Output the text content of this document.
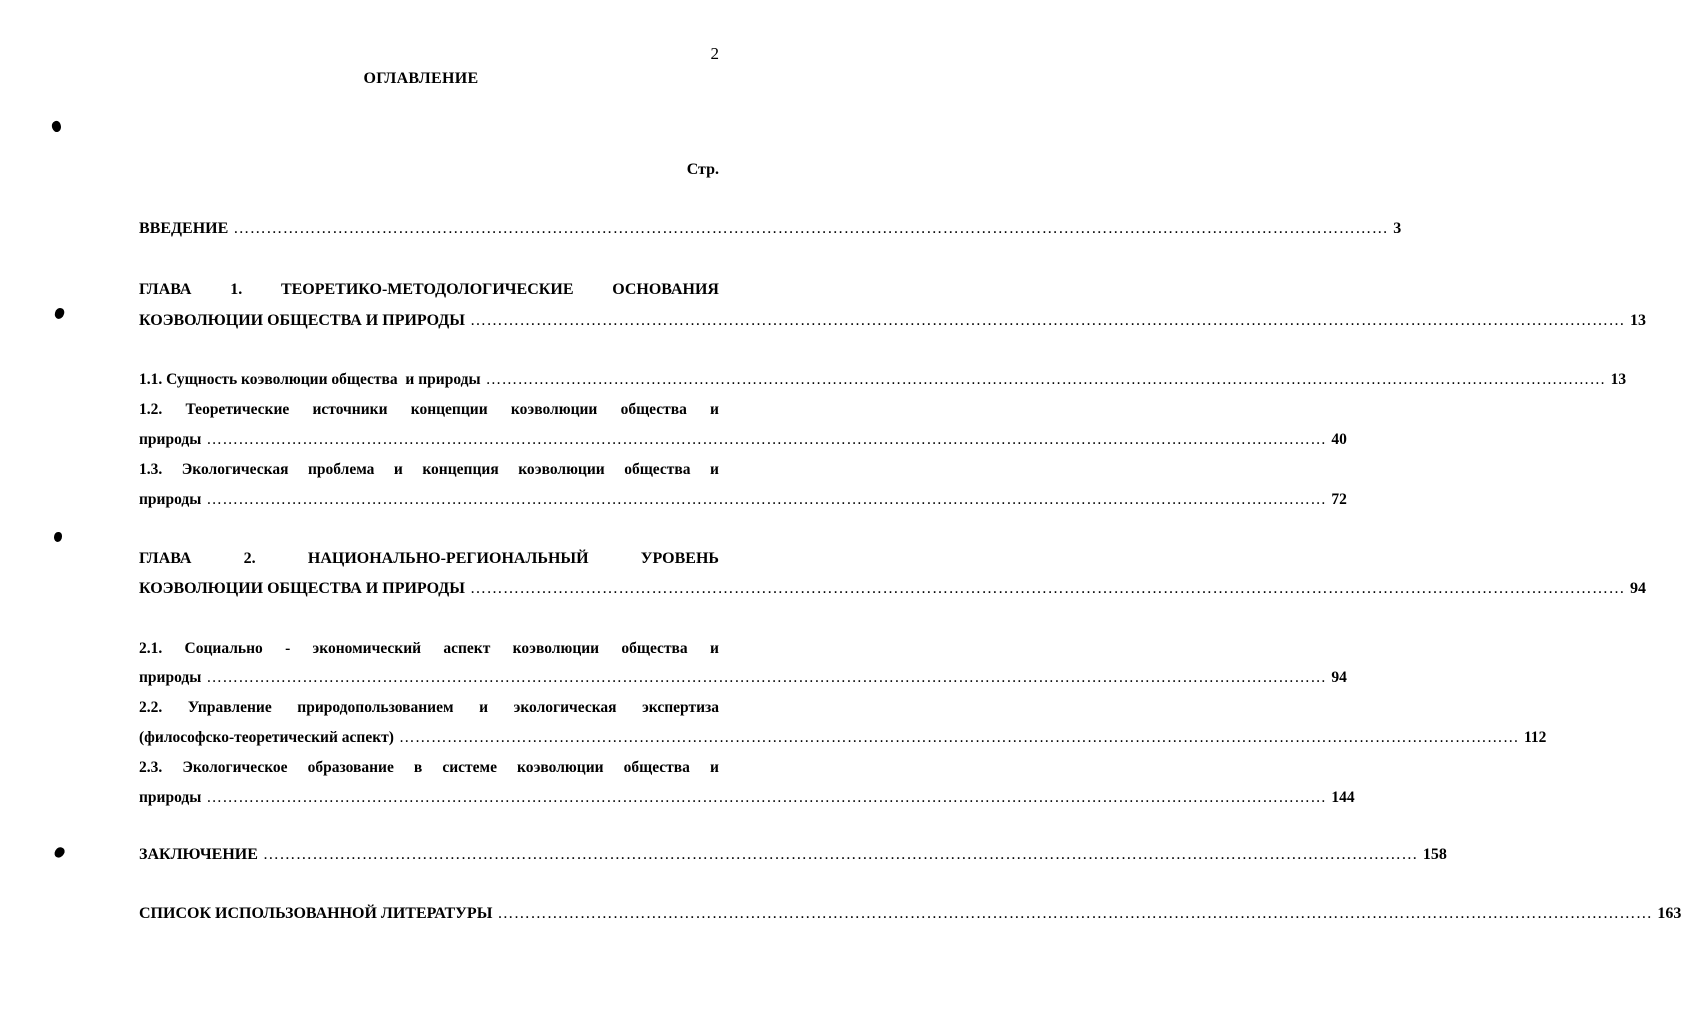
2
ОГЛАВЛЕНИЕ
Стр.
ВВЕДЕНИЕ ………………………………………………………………………………………………………………………………………………………………………………………… 3
ГЛАВА 1. ТЕОРЕТИКО-МЕТОДОЛОГИЧЕСКИЕ ОСНОВАНИЯ
КОЭВОЛЮЦИИ ОБЩЕСТВА И ПРИРОДЫ ………………………………………………………………………………………………………………………………………………………………………………………… 13
1.1. Сущность коэволюции общества  и природы ………………………………………………………………………………………………………………………………………………………………………………………… 13
1.2. Теоретические источники концепции коэволюции общества и
природы ………………………………………………………………………………………………………………………………………………………………………………………… 40
1.3. Экологическая проблема и концепция коэволюции общества и
природы ………………………………………………………………………………………………………………………………………………………………………………………… 72
ГЛАВА	2.	НАЦИОНАЛЬНО-РЕГИОНАЛЬНЫЙ	УРОВЕНЬ
КОЭВОЛЮЦИИ ОБЩЕСТВА И ПРИРОДЫ ………………………………………………………………………………………………………………………………………………………………………………………… 94
2.1. Социально - экономический аспект коэволюции общества и
природы ………………………………………………………………………………………………………………………………………………………………………………………… 94
2.2. Управление природопользованием и экологическая экспертиза
(философско-теоретический аспект) ………………………………………………………………………………………………………………………………………………………………………………………… 112
2.3. Экологическое образование в системе коэволюции общества и
природы ………………………………………………………………………………………………………………………………………………………………………………………… 144
ЗАКЛЮЧЕНИЕ ………………………………………………………………………………………………………………………………………………………………………………………… 158
СПИСОК ИСПОЛЬЗОВАННОЙ ЛИТЕРАТУРЫ ………………………………………………………………………………………………………………………………………………………………………………………… 163
